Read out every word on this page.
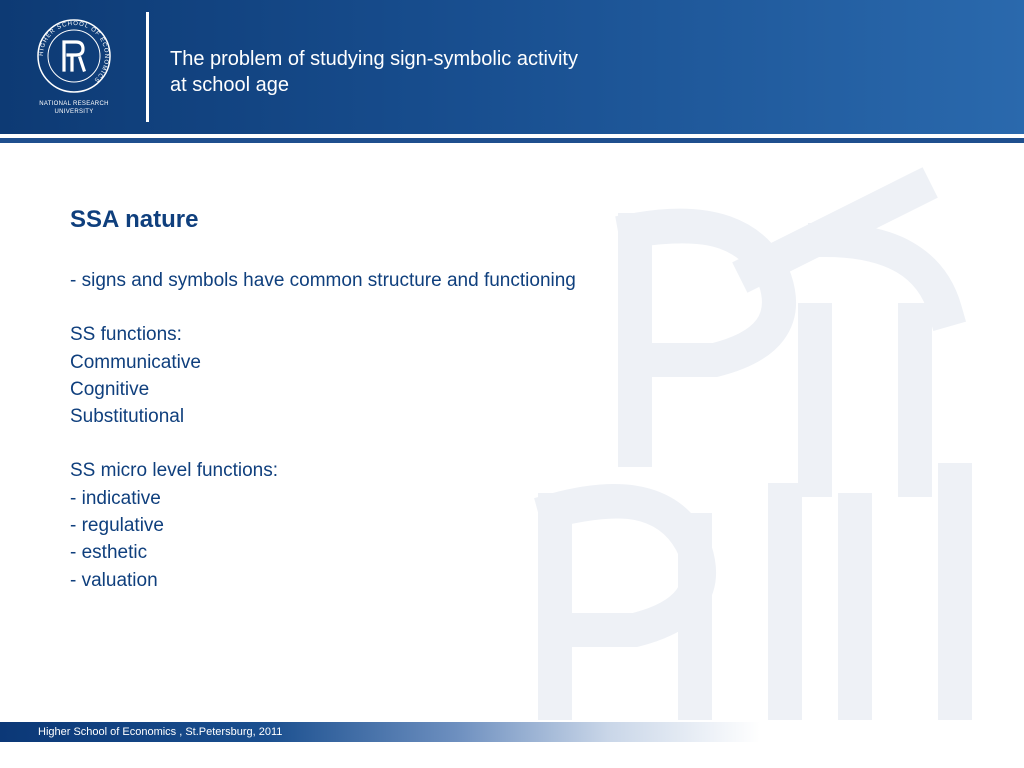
HIGHER SCHOOL OF ECONOMICS
NATIONAL RESEARCH
UNIVERSITY
The problem of studying sign-symbolic activity
at school age
SSA nature
- signs and symbols have common structure and functioning
SS functions:
Communicative
Cognitive
Substitutional
SS micro level functions:
- indicative
- regulative
- esthetic
- valuation
Higher School of Economics , St.Petersburg, 2011
